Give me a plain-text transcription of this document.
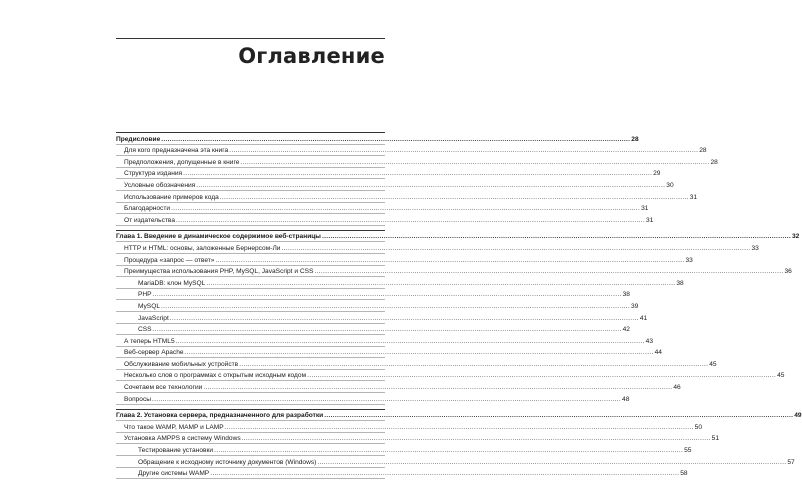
Оглавление
Предисловие ............................................................................................................................................................................................................................ 28
Для кого предназначена эта книга ............................................................................................................................................................................................................................ 28
Предположения, допущенные в книге ............................................................................................................................................................................................................................ 28
Структура издания ............................................................................................................................................................................................................................ 29
Условные обозначения ............................................................................................................................................................................................................................ 30
Использование примеров кода ............................................................................................................................................................................................................................ 31
Благодарности ............................................................................................................................................................................................................................ 31
От издательства ............................................................................................................................................................................................................................ 31
Глава 1. Введение в динамическое содержимое веб-страницы ............................................................................................................................................................................................................................ 32
HTTP и HTML: основы, заложенные Бернерсом-Ли ............................................................................................................................................................................................................................ 33
Процедура «запрос — ответ» ............................................................................................................................................................................................................................ 33
Преимущества использования PHP, MySQL, JavaScript и CSS ............................................................................................................................................................................................................................ 36
MariaDB: клон MySQL ............................................................................................................................................................................................................................ 38
PHP ............................................................................................................................................................................................................................ 38
MySQL ............................................................................................................................................................................................................................ 39
JavaScript ............................................................................................................................................................................................................................ 41
CSS ............................................................................................................................................................................................................................ 42
А теперь HTML5 ............................................................................................................................................................................................................................ 43
Веб-сервер Apache ............................................................................................................................................................................................................................ 44
Обслуживание мобильных устройств ............................................................................................................................................................................................................................ 45
Несколько слов о программах с открытым исходным кодом ............................................................................................................................................................................................................................ 45
Сочетаем все технологии ............................................................................................................................................................................................................................ 46
Вопросы ............................................................................................................................................................................................................................ 48
Глава 2. Установка сервера, предназначенного для разработки ............................................................................................................................................................................................................................ 49
Что такое WAMP, MAMP и LAMP ............................................................................................................................................................................................................................ 50
Установка AMPPS в систему Windows ............................................................................................................................................................................................................................ 51
Тестирование установки ............................................................................................................................................................................................................................ 55
Обращение к исходному источнику документов (Windows) ............................................................................................................................................................................................................................ 57
Другие системы WAMP ............................................................................................................................................................................................................................ 58
